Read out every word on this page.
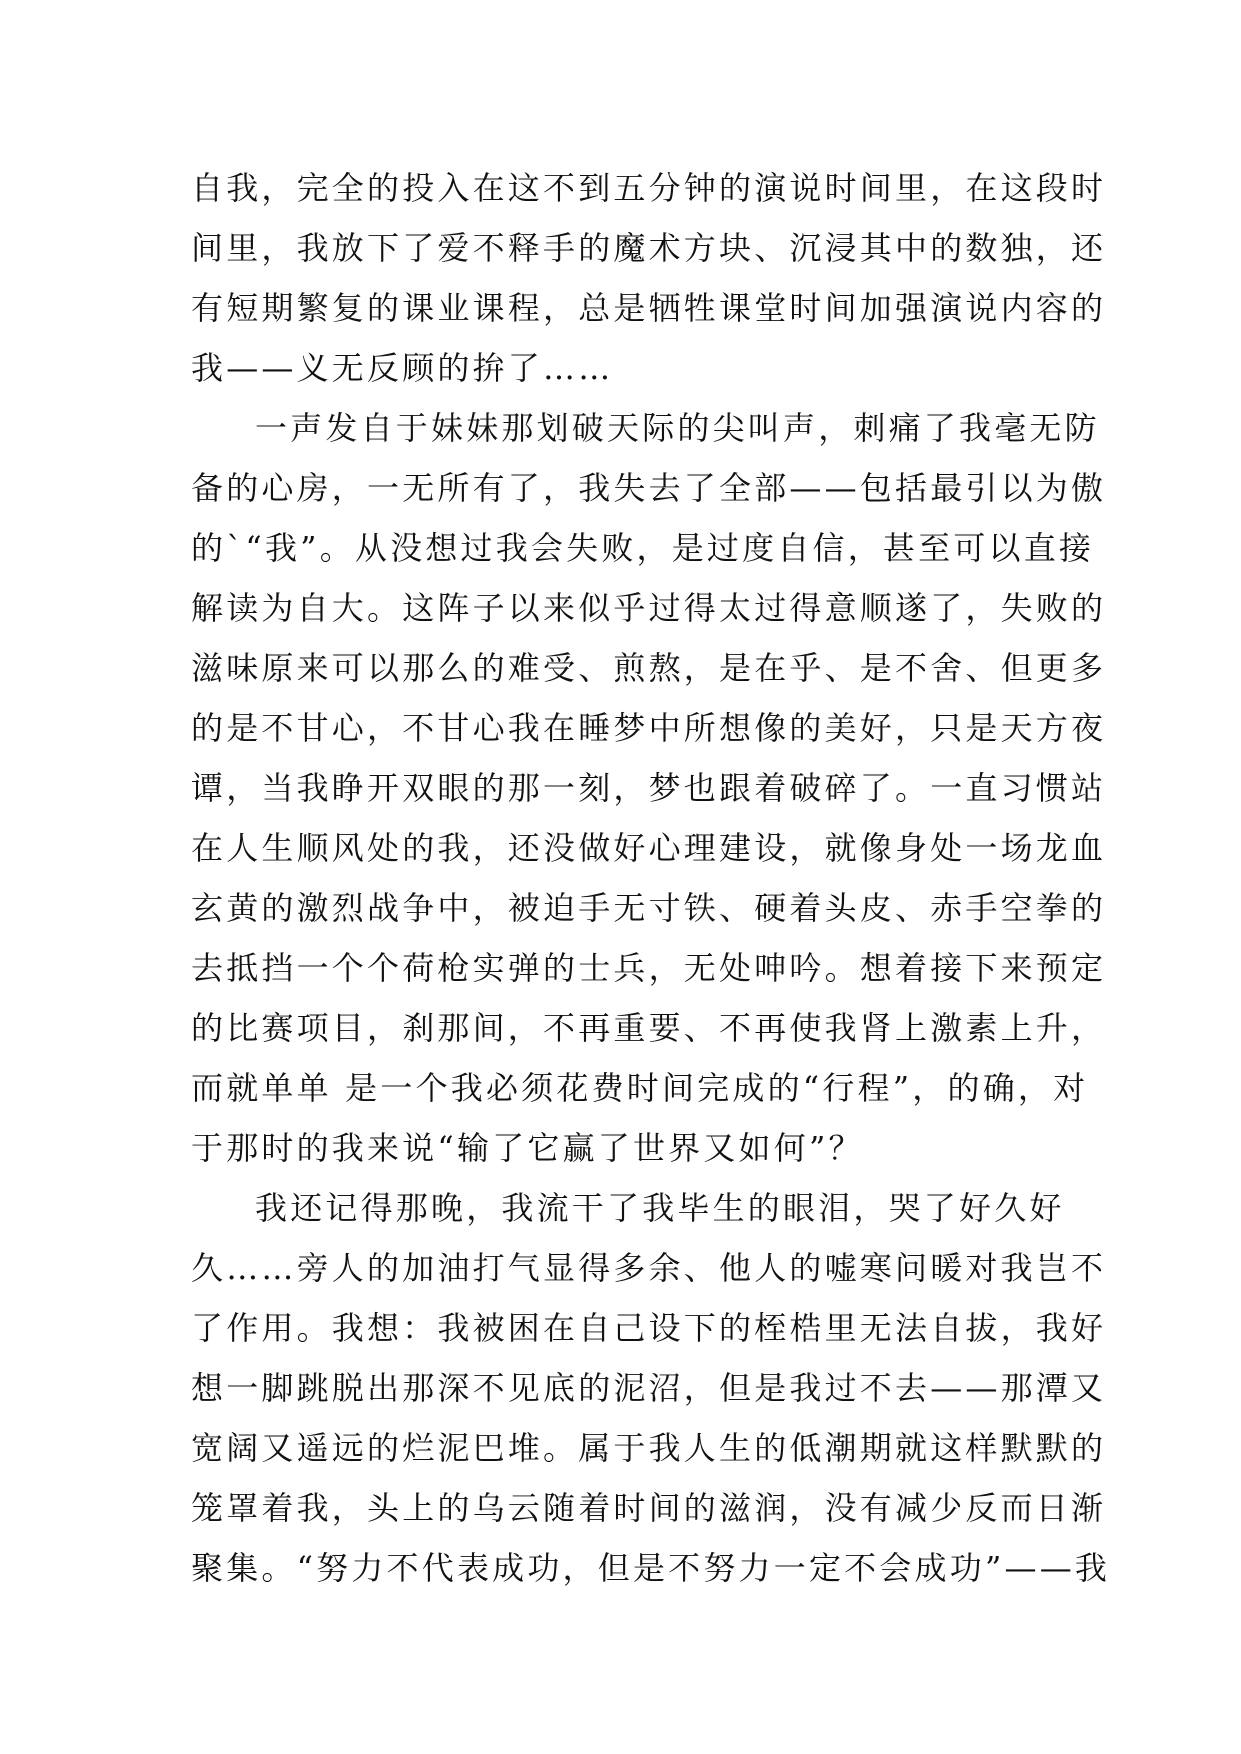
自我，完全的投入在这不到五分钟的演说时间里，在这段时
间里，我放下了爱不释手的魔术方块、沉浸其中的数独，还
有短期繁复的课业课程，总是牺牲课堂时间加强演说内容的
我——义无反顾的拚了……
一声发自于妹妹那划破天际的尖叫声，刺痛了我毫无防
备的心房，一无所有了，我失去了全部——包括最引以为傲
的`“我”。从没想过我会失败，是过度自信，甚至可以直接
解读为自大。这阵子以来似乎过得太过得意顺遂了，失败的
滋味原来可以那么的难受、煎熬，是在乎、是不舍、但更多
的是不甘心，不甘心我在睡梦中所想像的美好，只是天方夜
谭，当我睁开双眼的那一刻，梦也跟着破碎了。一直习惯站
在人生顺风处的我，还没做好心理建设，就像身处一场龙血
玄黄的激烈战争中，被迫手无寸铁、硬着头皮、赤手空拳的
去抵挡一个个荷枪实弹的士兵，无处呻吟。想着接下来预定
的比赛项目，刹那间，不再重要、不再使我肾上激素上升，
而就单单 是一个我必须花费时间完成的“行程”，的确，对
于那时的我来说“输了它赢了世界又如何”？
我还记得那晚，我流干了我毕生的眼泪，哭了好久好
久……旁人的加油打气显得多余、他人的嘘寒问暖对我岂不
了作用。我想：我被困在自己设下的桎梏里无法自拔，我好
想一脚跳脱出那深不见底的泥沼，但是我过不去——那潭又
宽阔又遥远的烂泥巴堆。属于我人生的低潮期就这样默默的
笼罩着我，头上的乌云随着时间的滋润，没有减少反而日渐
聚集。“努力不代表成功，但是不努力一定不会成功”——我
